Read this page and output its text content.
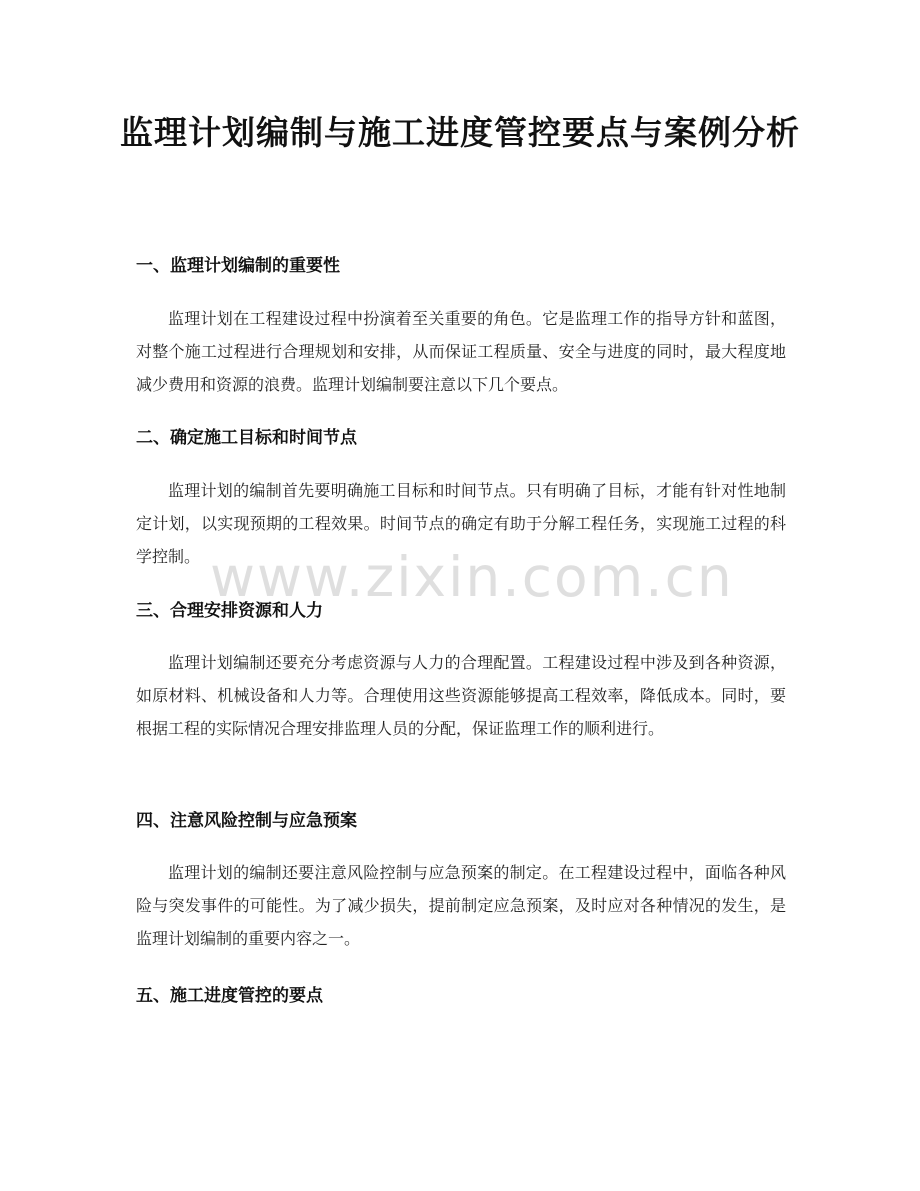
监理计划编制与施工进度管控要点与案例分析
一、监理计划编制的重要性

监理计划在工程建设过程中扮演着至关重要的角色。它是监理工作的指导方针和蓝图，对整个施工过程进行合理规划和安排，从而保证工程质量、安全与进度的同时，最大程度地减少费用和资源的浪费。监理计划编制要注意以下几个要点。

二、确定施工目标和时间节点

监理计划的编制首先要明确施工目标和时间节点。只有明确了目标，才能有针对性地制定计划，以实现预期的工程效果。时间节点的确定有助于分解工程任务，实现施工过程的科学控制。

三、合理安排资源和人力

监理计划编制还要充分考虑资源与人力的合理配置。工程建设过程中涉及到各种资源，如原材料、机械设备和人力等。合理使用这些资源能够提高工程效率，降低成本。同时，要根据工程的实际情况合理安排监理人员的分配，保证监理工作的顺利进行。

四、注意风险控制与应急预案

监理计划的编制还要注意风险控制与应急预案的制定。在工程建设过程中，面临各种风险与突发事件的可能性。为了减少损失，提前制定应急预案，及时应对各种情况的发生，是监理计划编制的重要内容之一。

五、施工进度管控的要点
www.zixin.com.cn
